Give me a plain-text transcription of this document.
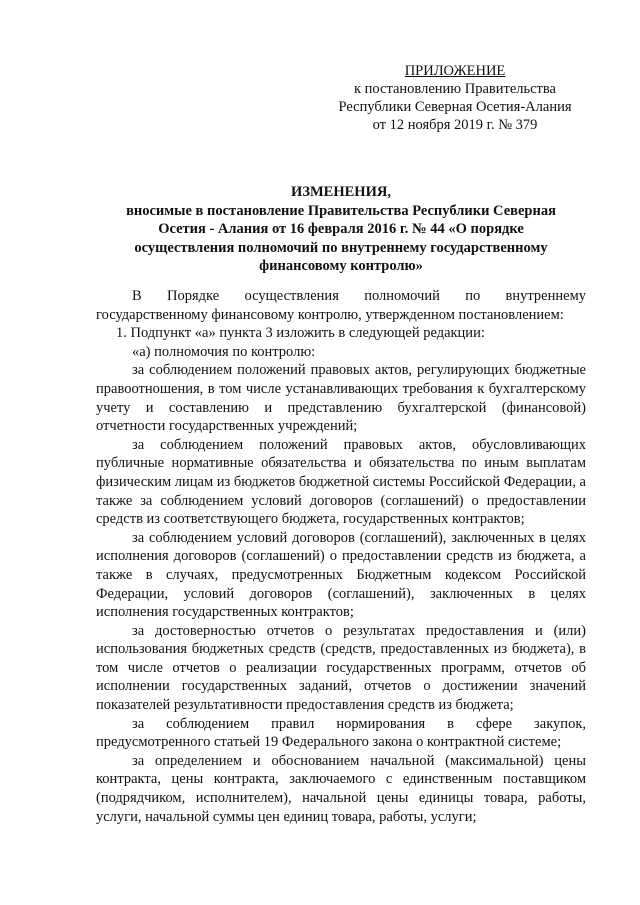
ПРИЛОЖЕНИЕ
к постановлению Правительства
Республики Северная Осетия-Алания
от 12 ноября 2019 г. № 379
ИЗМЕНЕНИЯ,
вносимые в постановление Правительства Республики Северная
Осетия - Алания от 16 февраля 2016 г. № 44 «О порядке
осуществления полномочий по внутреннему государственному
финансовому контролю»

В Порядке осуществления полномочий по внутреннему государственному финансовому контролю, утвержденном постановлением:

1. Подпункт «а» пункта 3 изложить в следующей редакции:

«а) полномочия по контролю:

за соблюдением положений правовых актов, регулирующих бюджетные правоотношения, в том числе устанавливающих требования к бухгалтерскому учету и составлению и представлению бухгалтерской (финансовой) отчетности государственных учреждений;

за соблюдением положений правовых актов, обусловливающих публичные нормативные обязательства и обязательства по иным выплатам физическим лицам из бюджетов бюджетной системы Российской Федерации, а также за соблюдением условий договоров (соглашений) о предоставлении средств из соответствующего бюджета, государственных контрактов;

за соблюдением условий договоров (соглашений), заключенных в целях исполнения договоров (соглашений) о предоставлении средств из бюджета, а также в случаях, предусмотренных Бюджетным кодексом Российской Федерации, условий договоров (соглашений), заключенных в целях исполнения государственных контрактов;

за достоверностью отчетов о результатах предоставления и (или) использования бюджетных средств (средств, предоставленных из бюджета), в том числе отчетов о реализации государственных программ, отчетов об исполнении государственных заданий, отчетов о достижении значений показателей результативности предоставления средств из бюджета;

за соблюдением правил нормирования в сфере закупок, предусмотренного статьей 19 Федерального закона о контрактной системе;

за определением и обоснованием начальной (максимальной) цены контракта, цены контракта, заключаемого с единственным поставщиком (подрядчиком, исполнителем), начальной цены единицы товара, работы, услуги, начальной суммы цен единиц товара, работы, услуги;
